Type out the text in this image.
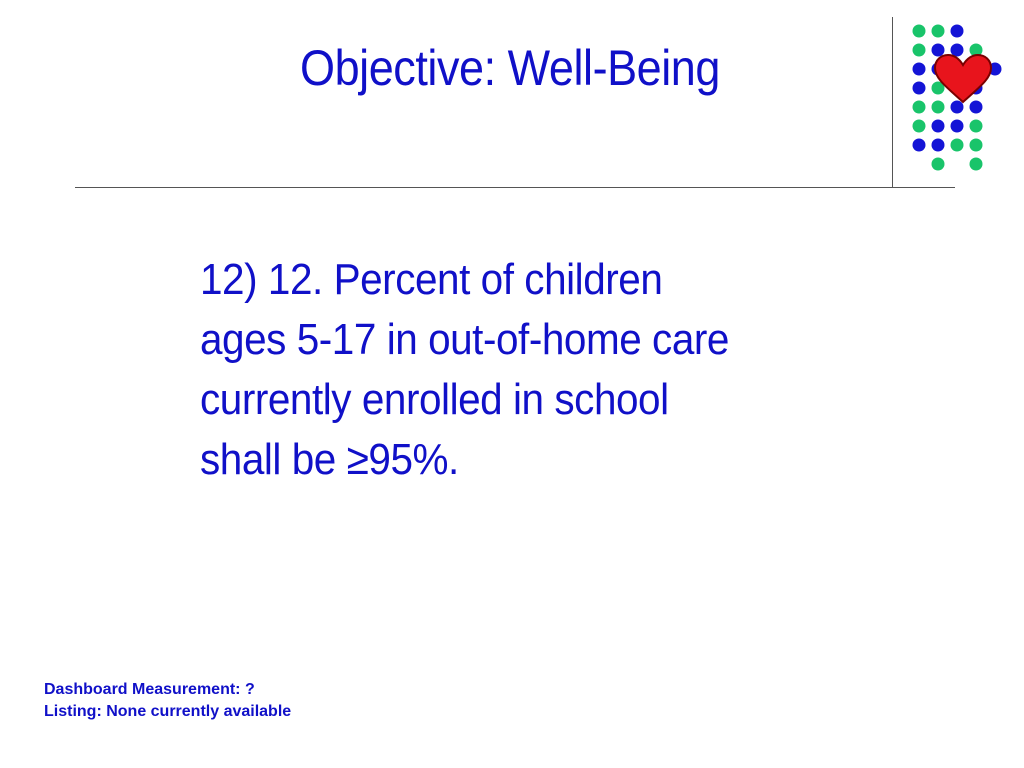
Objective: Well-Being
12) 12. Percent of children
ages 5-17 in out-of-home care
currently enrolled in school
shall be ≥95%.
Dashboard Measurement: ?
Listing: None currently available
